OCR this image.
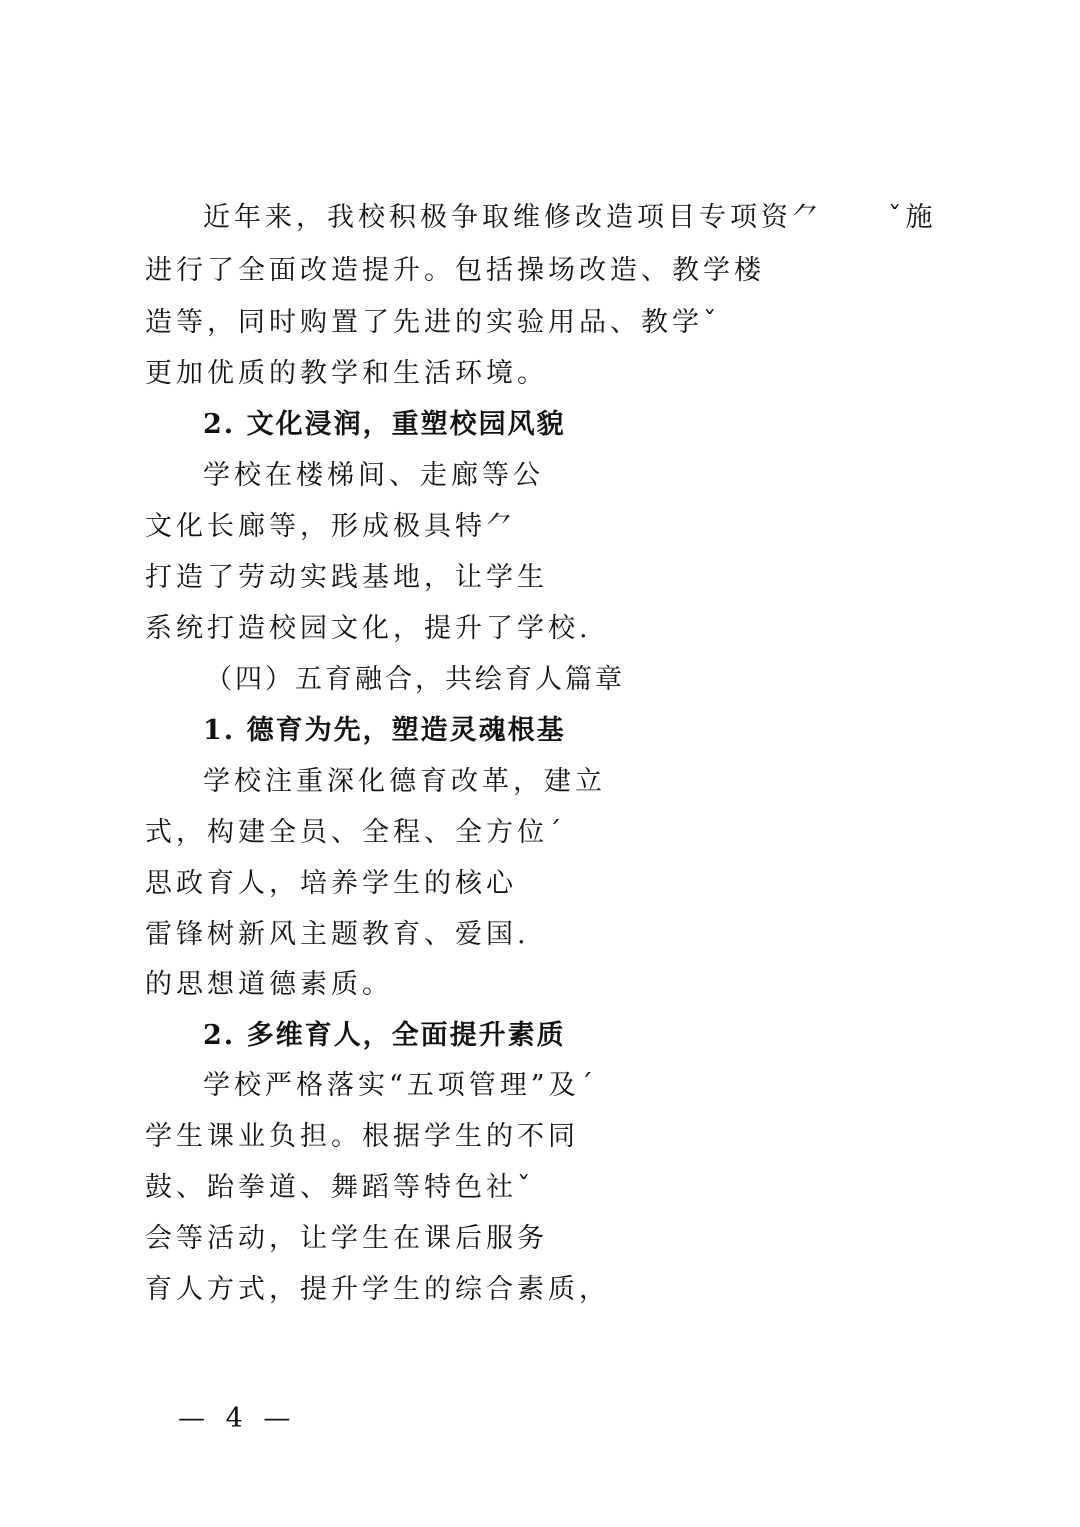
近年来，我校积极争取维修改造项目专项资⺈ ˇ施
进行了全面改造提升。包括操场改造、教学楼
造等，同时购置了先进的实验用品、教学ˇ
更加优质的教学和生活环境。
2. 文化浸润，重塑校园风貌
学校在楼梯间、走廊等公
文化长廊等，形成极具特⺈
打造了劳动实践基地，让学生
系统打造校园文化，提升了学校.
（四）五育融合，共绘育人篇章
1. 德育为先，塑造灵魂根基
学校注重深化德育改革，建立
式，构建全员、全程、全方位ˊ
思政育人，培养学生的核心
雷锋树新风主题教育、爱国.
的思想道德素质。
2. 多维育人，全面提升素质
学校严格落实“五项管理”及ˊ
学生课业负担。根据学生的不同
鼓、跆拳道、舞蹈等特色社ˇ
会等活动，让学生在课后服务
育人方式，提升学生的综合素质，
— 4 —
